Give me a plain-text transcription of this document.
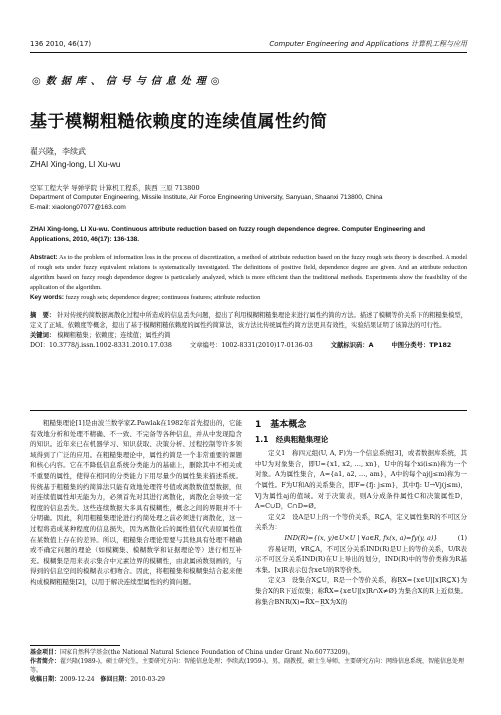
136 2010, 46(17)	Computer Engineering and Applications 计算机工程与应用
◎ 数 据 库 、 信 号 与 信 息 处 理 ◎
基于模糊粗糙依赖度的连续值属性约简
翟兴隆，李续武
ZHAI Xing-long, LI Xu-wu
空军工程大学 导弹学院 计算机工程系，陕西 三原 713800
Department of Computer Engineering, Missile Institute, Air Force Engineering University, Sanyuan, Shaanxi 713800, China
E-mail: xiaolong07077@163.com
ZHAI Xing-long, LI Xu-wu. Continuous attribute reduction based on fuzzy rough dependence degree. Computer Engineering and Applications, 2010, 46(17): 136-138.
Abstract: As to the problem of information loss in the process of discretization, a method of attribute reduction based on the fuzzy rough sets theory is described. A model of rough sets under fuzzy equivalent relations is systematically investigated. The definitions of positive field, dependence degree are given. And an attribute reduction algorithm based on fuzzy rough dependence degree is particularly analyzed, which is more efficient than the traditional methods. Experiments show the feasibility of the application of the algorithm.
Key words: fuzzy rough sets; dependence degree; continuous features; attribute reduction
摘　要： 针对传统约简数据离散化过程中所造成的信息丢失问题，提出了利用模糊粗糙集理论来进行属性约简的方法。描述了模糊等价关系下的粗糙集模型，定义了正域、依赖度等概念，提出了基于模糊粗糙依赖度的属性约简算法，该方法比传统属性约简方法更具有效性，实验结果证明了该算法的可行性。
关键词： 模糊粗糙集；依赖度；连续值；属性约简
DOI：10.3778/j.issn.1002-8331.2010.17.038	文章编号：1002-8331(2010)17-0136-03	文献标识码：A	中图分类号：TP182

粗糙集理论[1]是由波兰数学家Z.Pawlak在1982年首先提出的，它能有效地分析和处理不精确、不一致、不完备等各种信息，并从中发现隐含的知识。近年来已在机器学习、知识获取、决策分析、过程控制等许多领域得到了广泛的应用。在粗糙集理论中，属性约简是一个非常重要的课题和核心内容。它在不降低信息系统分类能力的基础上，删除其中不相关或不重要的属性，使得在相同的分类能力下用尽量少的属性集来描述系统。传统基于粗糙集的约简算法只能有效地处理符号值或离散数值型数据，但对连续值属性却无能为力，必须首先对其进行离散化，离散化会导致一定程度的信息丢失。这些连续数据大多具有模糊性，概念之间的界限并不十分明确。因此，利用粗糙集理论进行约简处理之前必须进行离散化，这一过程将造成某种程度的信息损失，因为离散化后的属性值仅代表原属性值在某数值上存在的差异。所以，粗糙集合理论需要与其他具有处理不精确或不确定问题的理论（如模糊集、模糊数学和证据理论等）进行相互补充。模糊集是用来表示集合中元素边界的模糊性，由隶属函数刻画的，与得到的信息空间的模糊表示相吻合。因此，将粗糙集和模糊集结合起来便构成模糊粗糙集[2]，以用于解决连续型属性的约简问题。

1　基本概念
1.1　经典粗糙集理论

定义1　称四元组(U, A, F)为一个信息系统[3]，或者数据库系统，其中U为对象集合，即U={x1, x2, …, xn}，U中的每个xi(i≤n)称为一个对象。A为属性集合，A={a1, a2, …, am}，A中的每个aj(j≤m)称为一个属性。F为U和A的关系集合，即F={fj: j≤m}，其中fj: U→Vj(j≤m)，Vj为属性aj的值域。对于决策表，则A分成条件属性C和决策属性D，A=C∪D，C∩D=Ø。

定义2　设A是U上的一个等价关系，R⊆A，定义属性集R的不可区分关系为：

IND(R)={(x, y)∈U×U | ∀a∈R, fx(x, a)=fy(y, a)}	(1)

容易证明，∀R⊆A，不可区分关系IND(R)是U上的等价关系，U/R表示不可区分关系IND(R)在U上导出的划分，IND(R)中的等价类称为R基本集。[x]R表示包含x∈U的R等价类。

定义3　设集合X⊆U，R是一个等价关系，称R̲X={x∈U|[x]R⊆X}为集合X的R下近似集；称R̄X={x∈U|[x]R∩X≠Ø}为集合X的R上近似集。称集合BNR(X)=R̄X−R̲X为X的

基金项目：国家自然科学基金(the National Natural Science Foundation of China under Grant No.60773209)。
作者简介：翟兴隆(1989-)，硕士研究生，主要研究方向：智能信息处理；李续武(1959-)，男，副教授，硕士生导师，主要研究方向：网络信息系统，智能信息处理等。
收稿日期：2009-12-24 修回日期：2010-03-29
